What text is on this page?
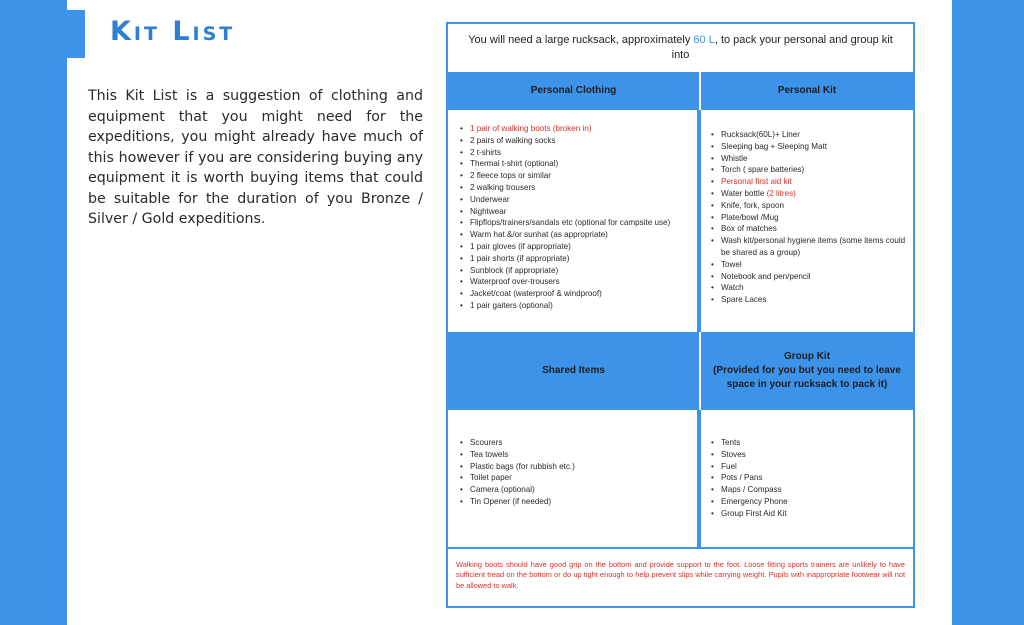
Kit List

This Kit List is a suggestion of clothing and equipment that you might need for the expeditions, you might already have much of this however if you are considering buying any equipment it is worth buying items that could be suitable for the duration of you Bronze / Silver / Gold expeditions.

You will need a large rucksack, approximately 60 L, to pack your personal and group kit into
Personal Clothing	Personal Kit
• 1 pair of walking boots (broken in)
• 2 pairs of walking socks
• 2 t-shirts
• Thermal t-shirt (optional)
• 2 fleece tops or similar
• 2 walking trousers
• Underwear
• Nightwear
• Flipflops/trainers/sandals etc (optional for campsite use)
• Warm hat &/or sunhat (as appropriate)
• 1 pair gloves (if appropriate)
• 1 pair shorts (if appropriate)
• Sunblock (if appropriate)
• Waterproof over-trousers
• Jacket/coat (waterproof & windproof)
• 1 pair gaiters (optional)
• Rucksack(60L)+ Liner
• Sleeping bag + Sleeping Matt
• Whistle
• Torch ( spare batteries)
• Personal first aid kit
• Water bottle (2 litres)
• Knife, fork, spoon
• Plate/bowl /Mug
• Box of matches
• Wash kit/personal hygiene items (some items could be shared as a group)
• Towel
• Notebook and pen/pencil
• Watch
• Spare Laces
Shared Items
Group Kit
(Provided for you but you need to leave space in your rucksack to pack it)
• Scourers
• Tea towels
• Plastic bags (for rubbish etc.)
• Toilet paper
• Camera (optional)
• Tin Opener (if needed)
• Tents
• Stoves
• Fuel
• Pots / Pans
• Maps / Compass
• Emergency Phone
• Group First Aid Kit
Walking boots should have good grip on the bottom and provide support to the foot. Loose fitting sports trainers are unlikely to have sufficient tread on the bottom or do up tight enough to help prevent slips while carrying weight. Pupils with inappropriate footwear will not be allowed to walk.
